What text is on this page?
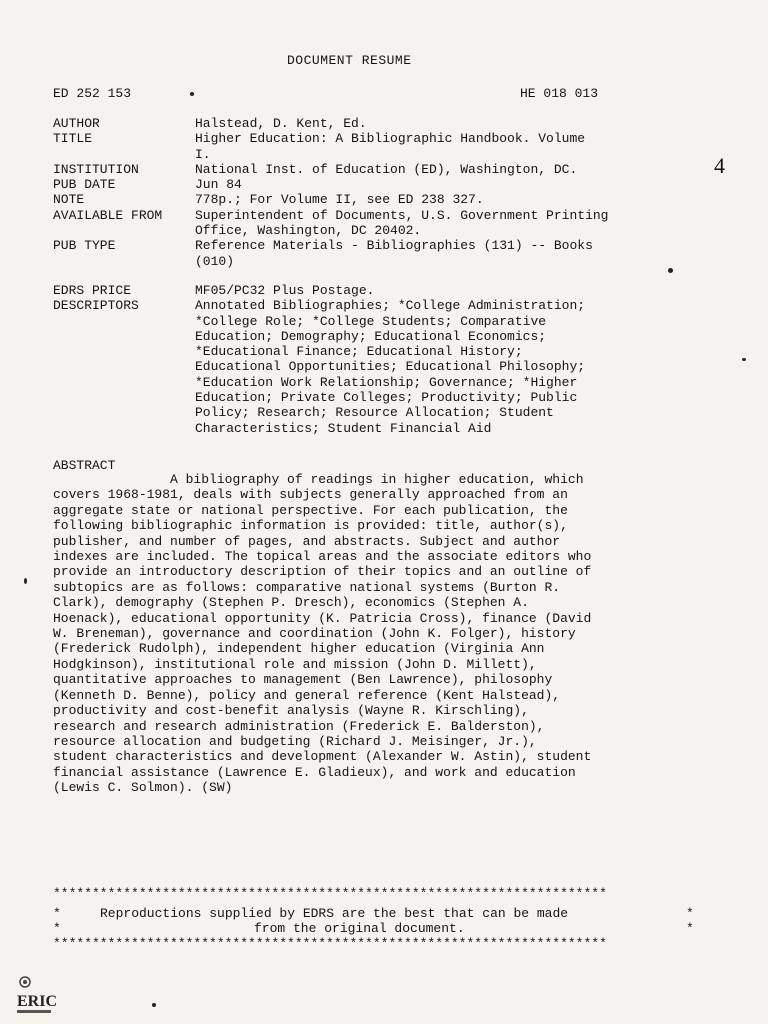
DOCUMENT RESUME
ED 252 153	HE 018 013
AUTHOR	Halstead, D. Kent, Ed.
TITLE	Higher Education: A Bibliographic Handbook. Volume
I.
INSTITUTION	National Inst. of Education (ED), Washington, DC.
PUB DATE	Jun 84
NOTE	778p.; For Volume II, see ED 238 327.
AVAILABLE FROM	Superintendent of Documents, U.S. Government Printing
Office, Washington, DC 20402.
PUB TYPE	Reference Materials - Bibliographies (131) -- Books
(010)
EDRS PRICE	MF05/PC32 Plus Postage.
DESCRIPTORS	Annotated Bibliographies; *College Administration;
*College Role; *College Students; Comparative
Education; Demography; Educational Economics;
*Educational Finance; Educational History;
Educational Opportunities; Educational Philosophy;
*Education Work Relationship; Governance; *Higher
Education; Private Colleges; Productivity; Public
Policy; Research; Resource Allocation; Student
Characteristics; Student Financial Aid
ABSTRACT
A bibliography of readings in higher education, which
covers 1968-1981, deals with subjects generally approached from an
aggregate state or national perspective. For each publication, the
following bibliographic information is provided: title, author(s),
publisher, and number of pages, and abstracts. Subject and author
indexes are included. The topical areas and the associate editors who
provide an introductory description of their topics and an outline of
subtopics are as follows: comparative national systems (Burton R.
Clark), demography (Stephen P. Dresch), economics (Stephen A.
Hoenack), educational opportunity (K. Patricia Cross), finance (David
W. Breneman), governance and coordination (John K. Folger), history
(Frederick Rudolph), independent higher education (Virginia Ann
Hodgkinson), institutional role and mission (John D. Millett),
quantitative approaches to management (Ben Lawrence), philosophy
(Kenneth D. Benne), policy and general reference (Kent Halstead),
productivity and cost-benefit analysis (Wayne R. Kirschling),
research and research administration (Frederick E. Balderston),
resource allocation and budgeting (Richard J. Meisinger, Jr.),
student characteristics and development (Alexander W. Astin), student
financial assistance (Lawrence E. Gladieux), and work and education
(Lewis C. Solmon). (SW)
***********************************************************************
*	*
Reproductions supplied by EDRS are the best that can be made
*	*
from the original document.
***********************************************************************
4
ERIC
